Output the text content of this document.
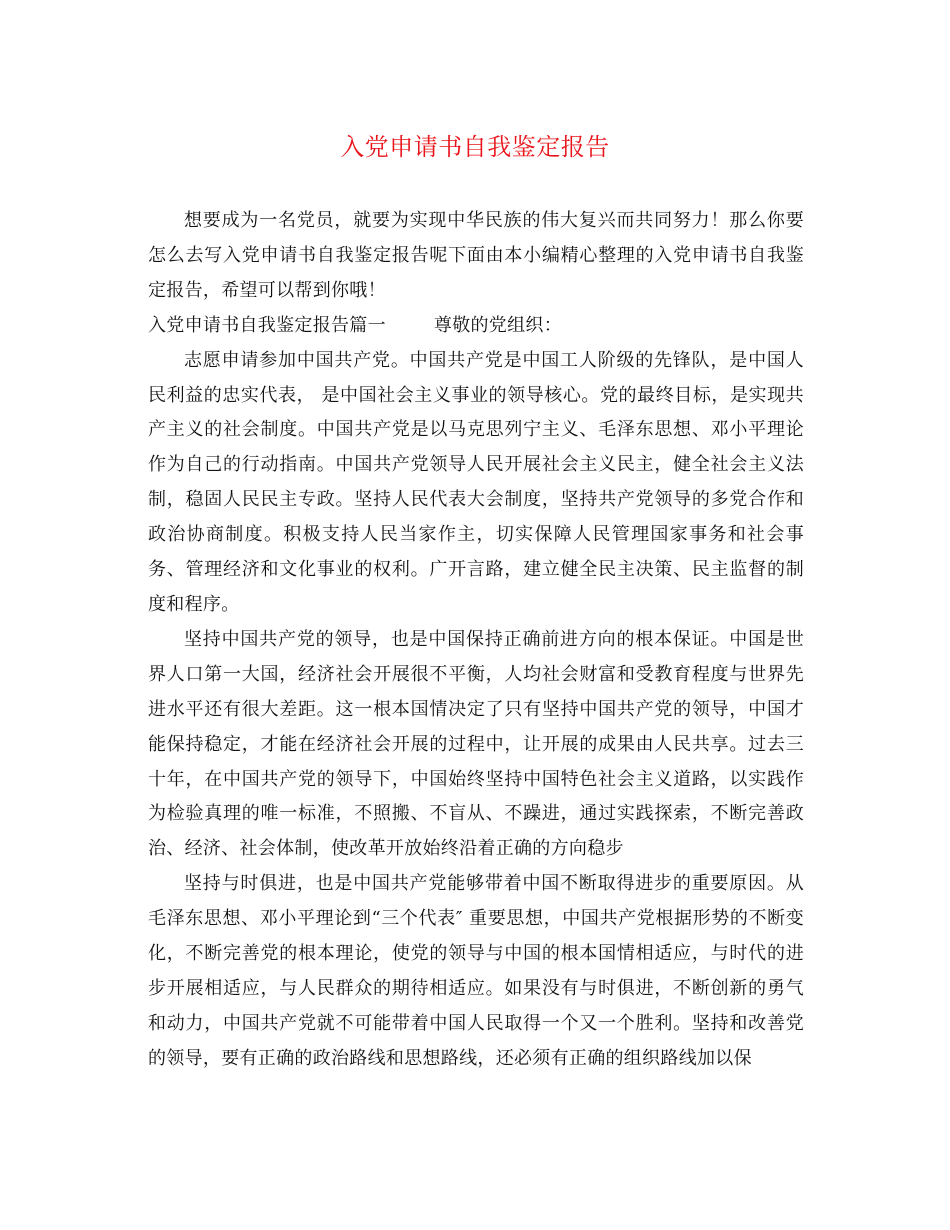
入党申请书自我鉴定报告

想要成为一名党员，就要为实现中华民族的伟大复兴而共同努力！那么你要怎么去写入党申请书自我鉴定报告呢下面由本小编精心整理的入党申请书自我鉴定报告，希望可以帮到你哦！

入党申请书自我鉴定报告篇一	尊敬的党组织：

志愿申请参加中国共产党。中国共产党是中国工人阶级的先锋队，是中国人民利益的忠实代表， 是中国社会主义事业的领导核心。党的最终目标，是实现共产主义的社会制度。中国共产党是以马克思列宁主义、毛泽东思想、邓小平理论作为自己的行动指南。中国共产党领导人民开展社会主义民主，健全社会主义法制，稳固人民民主专政。坚持人民代表大会制度，坚持共产党领导的多党合作和政治协商制度。积极支持人民当家作主，切实保障人民管理国家事务和社会事务、管理经济和文化事业的权利。广开言路，建立健全民主决策、民主监督的制度和程序。

坚持中国共产党的领导，也是中国保持正确前进方向的根本保证。中国是世界人口第一大国，经济社会开展很不平衡，人均社会财富和受教育程度与世界先进水平还有很大差距。这一根本国情决定了只有坚持中国共产党的领导，中国才能保持稳定，才能在经济社会开展的过程中，让开展的成果由人民共享。过去三十年，在中国共产党的领导下，中国始终坚持中国特色社会主义道路，以实践作为检验真理的唯一标准，不照搬、不盲从、不躁进，通过实践探索，不断完善政治、经济、社会体制，使改革开放始终沿着正确的方向稳步

坚持与时俱进，也是中国共产党能够带着中国不断取得进步的重要原因。从毛泽东思想、邓小平理论到“三个代表″ 重要思想，中国共产党根据形势的不断变化，不断完善党的根本理论，使党的领导与中国的根本国情相适应，与时代的进步开展相适应，与人民群众的期待相适应。如果没有与时俱进，不断创新的勇气和动力，中国共产党就不可能带着中国人民取得一个又一个胜利。坚持和改善党的领导，要有正确的政治路线和思想路线，还必须有正确的组织路线加以保
